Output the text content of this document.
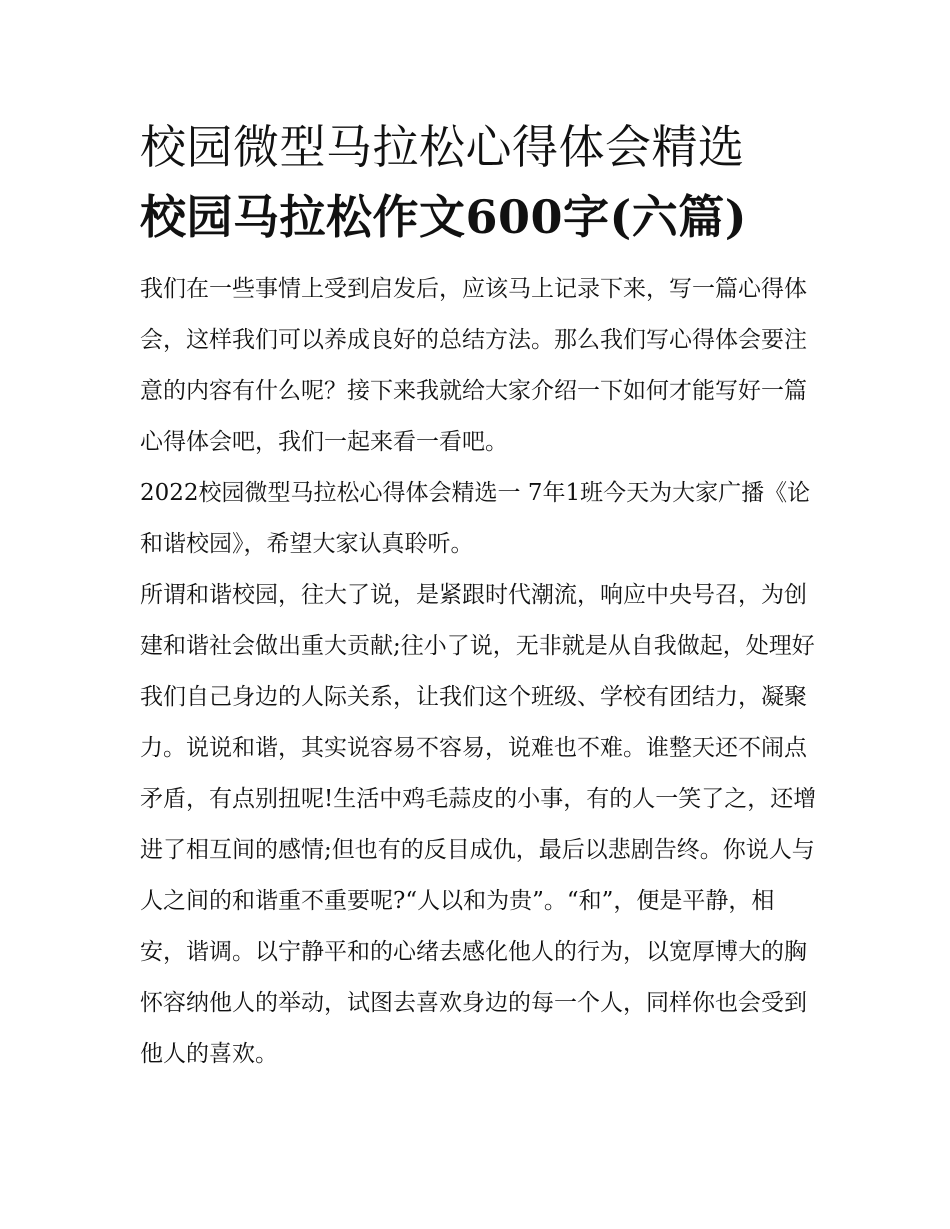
校园微型马拉松心得体会精选
校园马拉松作文600字(六篇)

我们在一些事情上受到启发后，应该马上记录下来，写一篇心得体会，这样我们可以养成良好的总结方法。那么我们写心得体会要注意的内容有什么呢？接下来我就给大家介绍一下如何才能写好一篇心得体会吧，我们一起来看一看吧。

2022校园微型马拉松心得体会精选一 7年1班今天为大家广播《论和谐校园》，希望大家认真聆听。

所谓和谐校园，往大了说，是紧跟时代潮流，响应中央号召，为创建和谐社会做出重大贡献;往小了说，无非就是从自我做起，处理好我们自己身边的人际关系，让我们这个班级、学校有团结力，凝聚力。说说和谐，其实说容易不容易，说难也不难。谁整天还不闹点矛盾，有点别扭呢!生活中鸡毛蒜皮的小事，有的人一笑了之，还增进了相互间的感情;但也有的反目成仇，最后以悲剧告终。你说人与人之间的和谐重不重要呢?“人以和为贵”。“和”，便是平静，相安，谐调。以宁静平和的心绪去感化他人的行为，以宽厚博大的胸怀容纳他人的举动，试图去喜欢身边的每一个人，同样你也会受到他人的喜欢。
